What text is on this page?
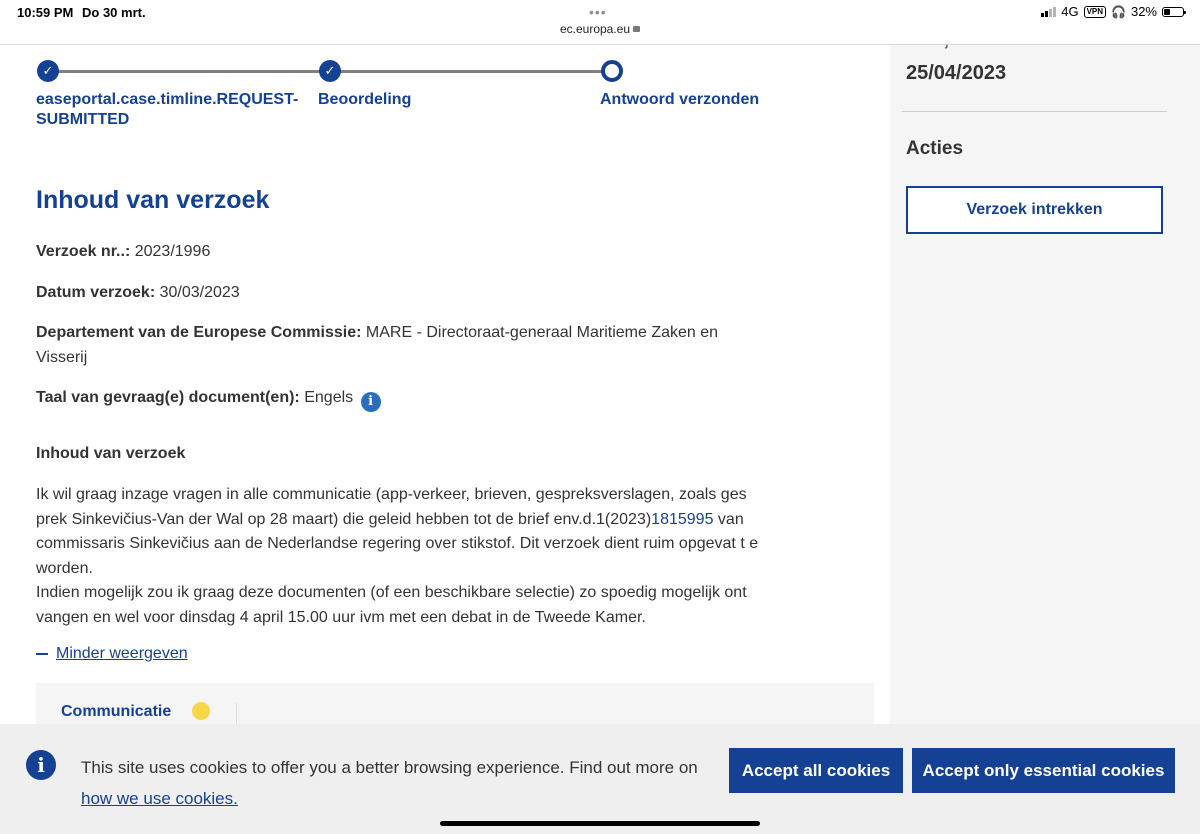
10:59 PM Do 30 mrt.	•••
ec.europa.eu
4G	VPN 🎧 32%
✓	✓
easeportal.case.timline.REQUEST-SUBMITTED
Beoordeling	Antwoord verzonden
Inhoud van verzoek
Verzoek nr..: 2023/1996
Datum verzoek: 30/03/2023
Departement van de Europese Commissie: MARE - Directoraat-generaal Maritieme Zaken en Visserij
Taal van gevraag(e) document(en): Engels i
Inhoud van verzoek
Ik wil graag inzage vragen in alle communicatie (app-verkeer, brieven, gespreksverslagen, zoals ges prek Sinkevičius-Van der Wal op 28 maart) die geleid hebben tot de brief env.d.1(2023)1815995 van commissaris Sinkevičius aan de Nederlandse regering over stikstof. Dit verzoek dient ruim opgevat t e worden.
Indien mogelijk zou ik graag deze documenten (of een beschikbare selectie) zo spoedig mogelijk ont vangen en wel voor dinsdag 4 april 15.00 uur ivm met een debat in de Tweede Kamer.
Minder weergeven
Communicatie
25/04/2023
Acties
Verzoek intrekken
i	This site uses cookies to offer you a better browsing experience. Find out more on
how we use cookies.
Accept all cookies	Accept only essential cookies
